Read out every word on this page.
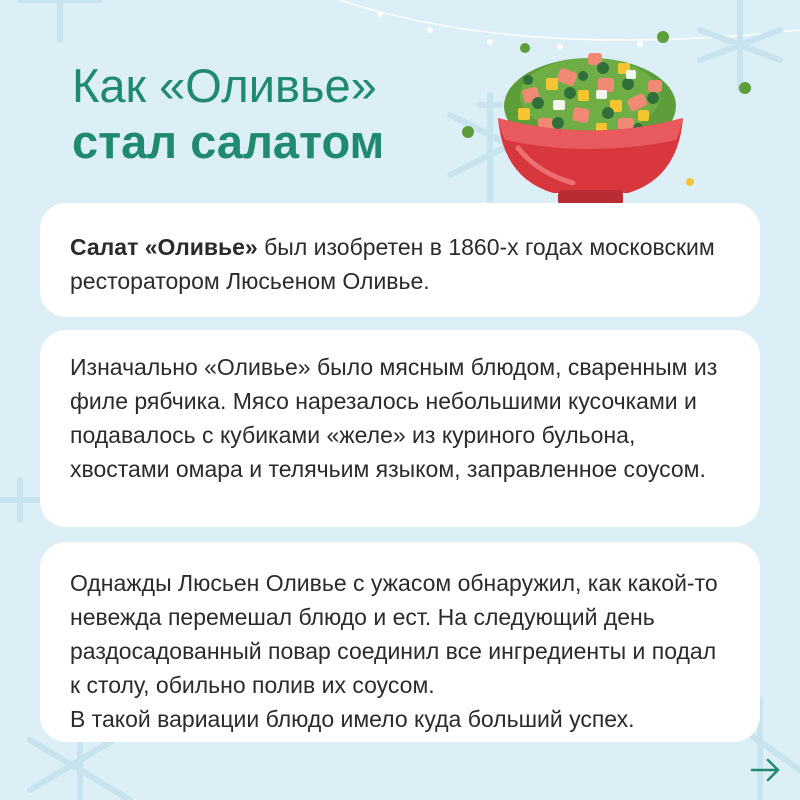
Как «Оливье»
стал салатом

Салат «Оливье» был изобретен в 1860-х годах московским ресторатором Люсьеном Оливье.

Изначально «Оливье» было мясным блюдом, сваренным из филе рябчика. Мясо нарезалось небольшими кусочками и подавалось с кубиками «желе» из куриного бульона, хвостами омара и телячьим языком, заправленное соусом.

Однажды Люсьен Оливье с ужасом обнаружил, как какой-то невежда перемешал блюдо и ест. На следующий день раздосадованный повар соединил все ингредиенты и подал к столу, обильно полив их соусом.

В такой вариации блюдо имело куда больший успех.
